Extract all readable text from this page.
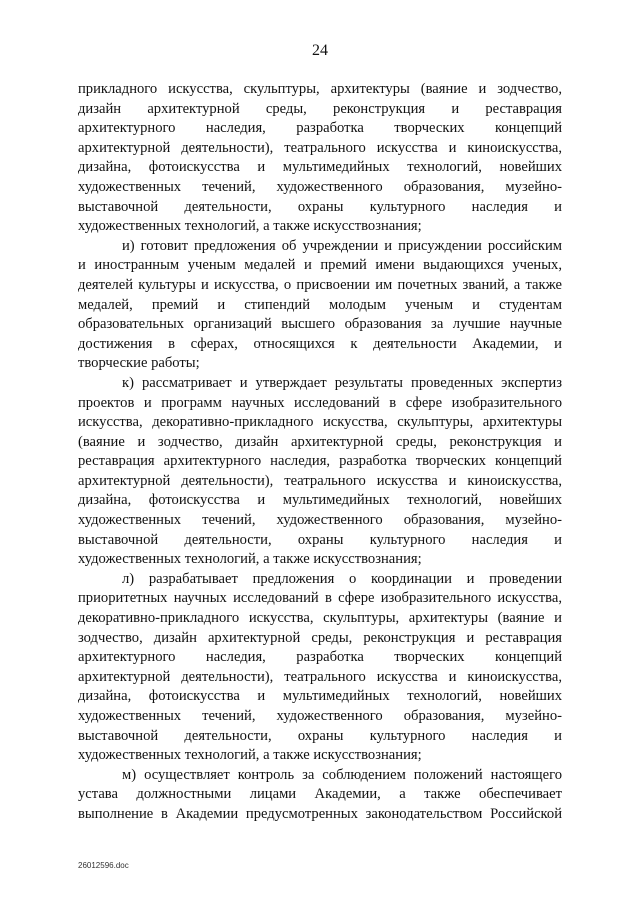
24
прикладного искусства, скульптуры, архитектуры (ваяние и зодчество,
дизайн архитектурной среды, реконструкция и реставрация
архитектурного наследия, разработка творческих концепций
архитектурной деятельности), театрального искусства и киноискусства,
дизайна, фотоискусства и мультимедийных технологий, новейших
художественных течений, художественного образования, музейно-
выставочной деятельности, охраны культурного наследия и
художественных технологий, а также искусствознания;
и) готовит предложения об учреждении и присуждении российским
и иностранным ученым медалей и премий имени выдающихся ученых,
деятелей культуры и искусства, о присвоении им почетных званий, а также
медалей, премий и стипендий молодым ученым и студентам
образовательных организаций высшего образования за лучшие научные
достижения в сферах, относящихся к деятельности Академии, и
творческие работы;
к) рассматривает и утверждает результаты проведенных экспертиз
проектов и программ научных исследований в сфере изобразительного
искусства, декоративно-прикладного искусства, скульптуры, архитектуры
(ваяние и зодчество, дизайн архитектурной среды, реконструкция и
реставрация архитектурного наследия, разработка творческих концепций
архитектурной деятельности), театрального искусства и киноискусства,
дизайна, фотоискусства и мультимедийных технологий, новейших
художественных течений, художественного образования, музейно-
выставочной деятельности, охраны культурного наследия и
художественных технологий, а также искусствознания;
л) разрабатывает предложения о координации и проведении
приоритетных научных исследований в сфере изобразительного искусства,
декоративно-прикладного искусства, скульптуры, архитектуры (ваяние и
зодчество, дизайн архитектурной среды, реконструкция и реставрация
архитектурного наследия, разработка творческих концепций
архитектурной деятельности), театрального искусства и киноискусства,
дизайна, фотоискусства и мультимедийных технологий, новейших
художественных течений, художественного образования, музейно-
выставочной деятельности, охраны культурного наследия и
художественных технологий, а также искусствознания;
м) осуществляет контроль за соблюдением положений настоящего
устава должностными лицами Академии, а также обеспечивает
выполнение в Академии предусмотренных законодательством Российской
26012596.doc
